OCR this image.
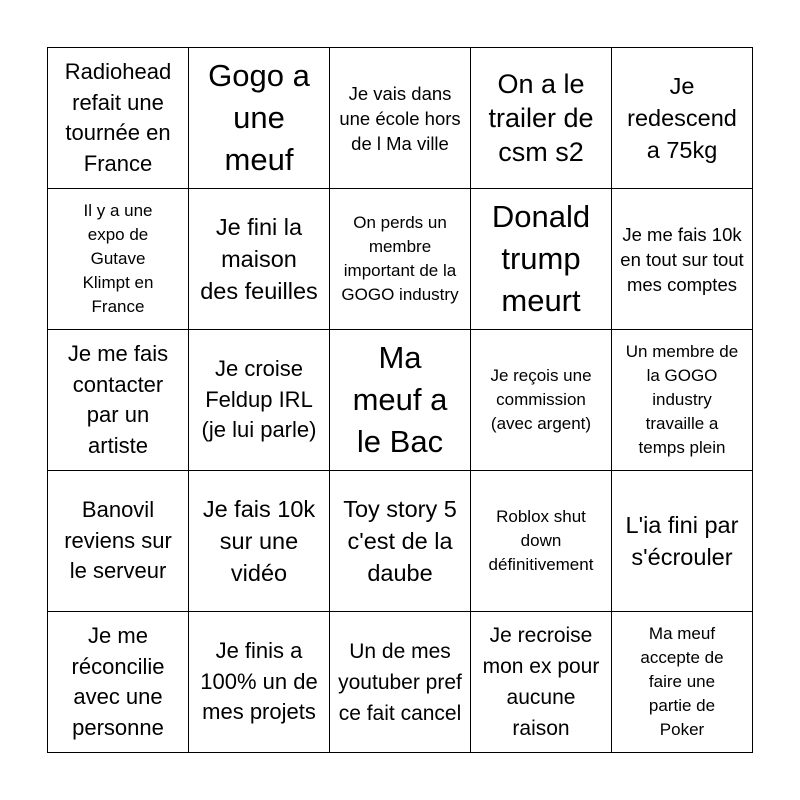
Radiohead refait une tournée en France
Gogo a une meuf
Je vais dans une école hors de l Ma ville
On a le trailer de csm s2
Je redescend a 75kg
Il y a une expo de Gutave Klimpt en France
Je fini la maison des feuilles
On perds un membre important de la GOGO industry
Donald trump meurt
Je me fais 10k en tout sur tout mes comptes
Je me fais contacter par un artiste
Je croise Feldup IRL (je lui parle)
Ma meuf a le Bac
Je reçois une commission (avec argent)
Un membre de la GOGO industry travaille a temps plein
Banovil reviens sur le serveur
Je fais 10k sur une vidéo
Toy story 5 c'est de la daube
Roblox shut down définitivement
L'ia fini par s'écrouler
Je me réconcilie avec une personne
Je finis a 100% un de mes projets
Un de mes youtuber pref ce fait cancel
Je recroise mon ex pour aucune raison
Ma meuf accepte de faire une partie de Poker
